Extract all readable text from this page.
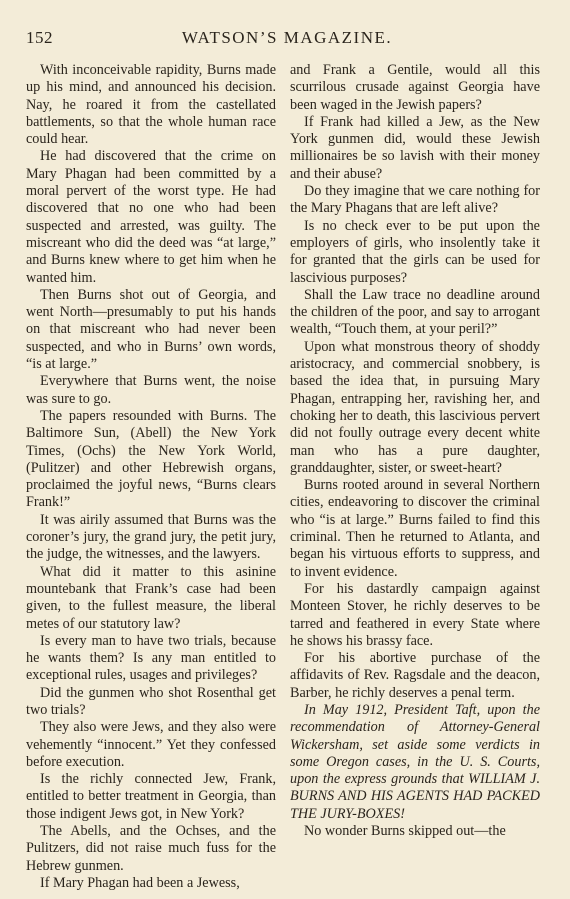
152	WATSON’S MAGAZINE.

With inconceivable rapidity, Burns made up his mind, and announced his decision. Nay, he roared it from the castellated battlements, so that the whole human race could hear.

He had discovered that the crime on Mary Phagan had been committed by a moral pervert of the worst type. He had discovered that no one who had been suspected and arrested, was guilty. The miscreant who did the deed was “at large,” and Burns knew where to get him when he wanted him.

Then Burns shot out of Georgia, and went North—presumably to put his hands on that miscreant who had never been suspected, and who in Burns’ own words, “is at large.”

Everywhere that Burns went, the noise was sure to go.

The papers resounded with Burns. The Baltimore Sun, (Abell) the New York Times, (Ochs) the New York World, (Pulitzer) and other Hebrewish organs, proclaimed the joyful news, “Burns clears Frank!”

It was airily assumed that Burns was the coroner’s jury, the grand jury, the petit jury, the judge, the witnesses, and the lawyers.

What did it matter to this asinine mountebank that Frank’s case had been given, to the fullest measure, the liberal metes of our statutory law?

Is every man to have two trials, because he wants them? Is any man entitled to exceptional rules, usages and privileges?

Did the gunmen who shot Rosenthal get two trials?

They also were Jews, and they also were vehemently “innocent.” Yet they confessed before execution.

Is the richly connected Jew, Frank, entitled to better treatment in Georgia, than those indigent Jews got, in New York?

The Abells, and the Ochses, and the Pulitzers, did not raise much fuss for the Hebrew gunmen.

If Mary Phagan had been a Jewess,

and Frank a Gentile, would all this scurrilous crusade against Georgia have been waged in the Jewish papers?

If Frank had killed a Jew, as the New York gunmen did, would these Jewish millionaires be so lavish with their money and their abuse?

Do they imagine that we care nothing for the Mary Phagans that are left alive?

Is no check ever to be put upon the employers of girls, who insolently take it for granted that the girls can be used for lascivious purposes?

Shall the Law trace no deadline around the children of the poor, and say to arrogant wealth, “Touch them, at your peril?”

Upon what monstrous theory of shoddy aristocracy, and commercial snobbery, is based the idea that, in pursuing Mary Phagan, entrapping her, ravishing her, and choking her to death, this lascivious pervert did not foully outrage every decent white man who has a pure daughter, granddaughter, sister, or sweet-heart?

Burns rooted around in several Northern cities, endeavoring to discover the criminal who “is at large.” Burns failed to find this criminal. Then he returned to Atlanta, and began his virtuous efforts to suppress, and to invent evidence.

For his dastardly campaign against Monteen Stover, he richly deserves to be tarred and feathered in every State where he shows his brassy face.

For his abortive purchase of the affidavits of Rev. Ragsdale and the deacon, Barber, he richly deserves a penal term.

In May 1912, President Taft, upon the recommendation of Attorney-General Wickersham, set aside some verdicts in some Oregon cases, in the U. S. Courts, upon the express grounds that WILLIAM J. BURNS AND HIS AGENTS HAD PACKED THE JURY-BOXES!

No wonder Burns skipped out—the
